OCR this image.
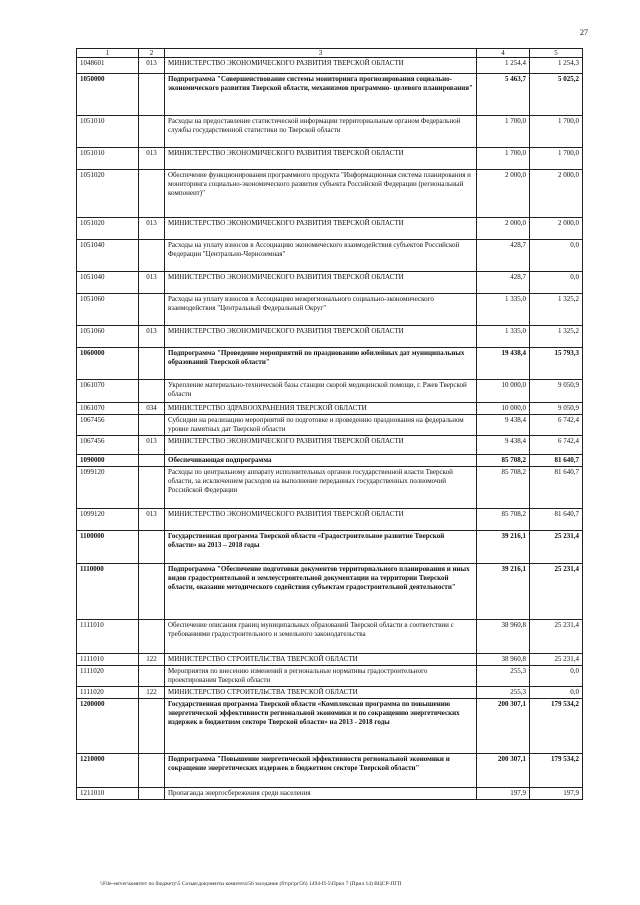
27
1	2	3	4	5
1048601	013	МИНИСТЕРСТВО ЭКОНОМИЧЕСКОГО РАЗВИТИЯ ТВЕРСКОЙ ОБЛАСТИ	1 254,4	1 254,3
1050000		Подпрограмма "Совершенствование системы мониторинга прогнозирования социально-экономического развития Тверской области, механизмов программно- целевого планирования"	5 463,7	5 025,2
1051010		Расходы на предоставление статистической информации территориальным органом Федеральной службы государственной статистики по Тверской области	1 700,0	1 700,0
1051010	013	МИНИСТЕРСТВО ЭКОНОМИЧЕСКОГО РАЗВИТИЯ ТВЕРСКОЙ ОБЛАСТИ	1 700,0	1 700,0
1051020		Обеспечение функционирования программного продукта "Информационная система планирования и мониторинга социально-экономического развития субъекта Российской Федерации (региональный компонент)"	2 000,0	2 000,0
1051020	013	МИНИСТЕРСТВО ЭКОНОМИЧЕСКОГО РАЗВИТИЯ ТВЕРСКОЙ ОБЛАСТИ	2 000,0	2 000,0
1051040		Расходы на уплату взносов в Ассоциацию экономического взаимодействия субъектов Российской Федерации "Центрально-Черноземная"	428,7	0,0
1051040	013	МИНИСТЕРСТВО ЭКОНОМИЧЕСКОГО РАЗВИТИЯ ТВЕРСКОЙ ОБЛАСТИ	428,7	0,0
1051060		Расходы на уплату взносов в Ассоциацию межрегионального социально-экономического взаимодействия "Центральный Федеральный Округ"	1 335,0	1 325,2
1051060	013	МИНИСТЕРСТВО ЭКОНОМИЧЕСКОГО РАЗВИТИЯ ТВЕРСКОЙ ОБЛАСТИ	1 335,0	1 325,2
1060000		Подпрограмма "Проведение мероприятий по празднованию юбилейных дат муниципальных образований Тверской области"	19 438,4	15 793,3
1061070		Укрепление материально-технической базы станции скорой медицинской помощи, г. Ржев Тверской области	10 000,0	9 050,9
1061070	034	МИНИСТЕРСТВО ЗДРАВООХРАНЕНИЯ ТВЕРСКОЙ ОБЛАСТИ	10 000,0	9 050,9
1067456		Субсидии на реализацию мероприятий по подготовке и проведению празднования на федеральном уровне памятных дат Тверской области	9 438,4	6 742,4
1067456	013	МИНИСТЕРСТВО ЭКОНОМИЧЕСКОГО РАЗВИТИЯ ТВЕРСКОЙ ОБЛАСТИ	9 438,4	6 742,4
1090000		Обеспечивающая подпрограмма	85 708,2	81 640,7
1099120		Расходы по центральному аппарату исполнительных органов государственной власти Тверской области, за исключением расходов на выполнение переданных государственных полномочий Российской Федерации	85 708,2	81 640,7
1099120	013	МИНИСТЕРСТВО ЭКОНОМИЧЕСКОГО РАЗВИТИЯ ТВЕРСКОЙ ОБЛАСТИ	85 708,2	81 640,7
1100000		Государственная программа Тверской области «Градостроительное развитие Тверской области» на 2013 – 2018 годы	39 216,1	25 231,4
1110000		Подпрограмма "Обеспечение подготовки документов территориального планирования и иных видов градостроительной и землеустроительной документации на территории Тверской области, оказание методического содействия субъектам градостроительной деятельности"	39 216,1	25 231,4
1111010		Обеспечение описания границ муниципальных образований Тверской области в соответствии с требованиями градостроительного и земельного законодательства	38 960,8	25 231,4
1111010	122	МИНИСТЕРСТВО СТРОИТЕЛЬСТВА ТВЕРСКОЙ ОБЛАСТИ	38 960,8	25 231,4
1111020		Мероприятия по внесению изменений в региональные нормативы градостроительного проектирования Тверской области	255,3	0,0
1111020	122	МИНИСТЕРСТВО СТРОИТЕЛЬСТВА ТВЕРСКОЙ ОБЛАСТИ	255,3	0,0
1200000		Государственная программа Тверской области «Комплексная программа по повышению энергетической эффективности региональной экономики и по сокращению энергетических издержек в бюджетном секторе Тверской области» на 2013 - 2018 годы	200 307,1	179 534,2
1210000		Подпрограмма "Повышение энергетической эффективности региональной экономики и сокращение энергетических издержек в бюджетном секторе Тверской области"	200 307,1	179 534,2
1211010		Пропаганда энергосбережения среди населения	197,9	197,9
\\File-server\комитет по бюджету\5 Созыв\документы комитета\56 заседание (бт\pr\pr\56) 1494-П-5\Прил 7 (Прил 14) ВЦСР-ПГП
